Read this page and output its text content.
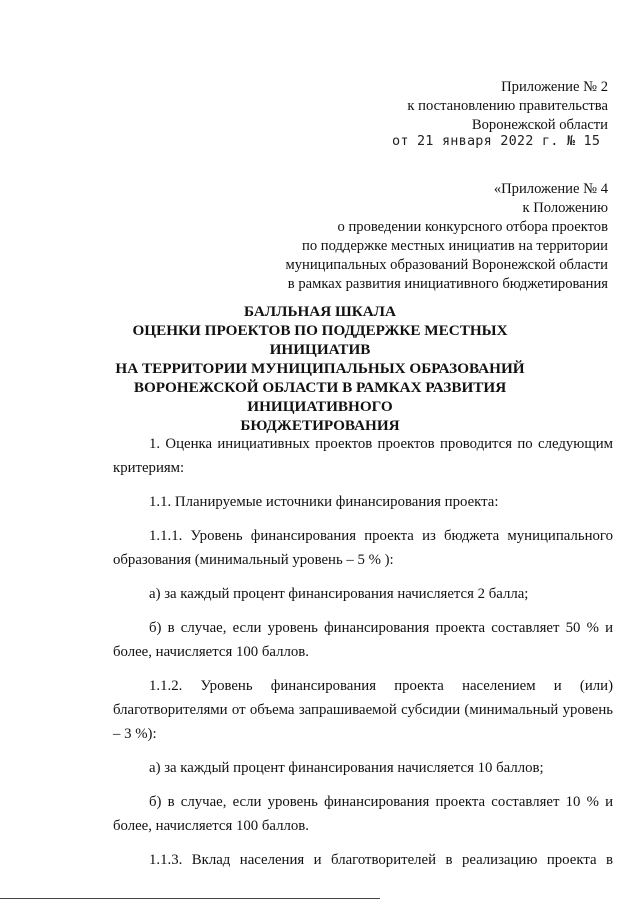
Приложение № 2
к постановлению правительства
Воронежской области
от 21 января 2022 г. № 15
«Приложение № 4
к Положению
о проведении конкурсного отбора проектов
по поддержке местных инициатив на территории
муниципальных образований Воронежской области
в рамках развития инициативного бюджетирования
БАЛЛЬНАЯ ШКАЛА
ОЦЕНКИ ПРОЕКТОВ ПО ПОДДЕРЖКЕ МЕСТНЫХ ИНИЦИАТИВ
НА ТЕРРИТОРИИ МУНИЦИПАЛЬНЫХ ОБРАЗОВАНИЙ
ВОРОНЕЖСКОЙ ОБЛАСТИ В РАМКАХ РАЗВИТИЯ
ИНИЦИАТИВНОГО
БЮДЖЕТИРОВАНИЯ

1. Оценка инициативных проектов проектов проводится по следующим критериям:

1.1. Планируемые источники финансирования проекта:

1.1.1. Уровень финансирования проекта из бюджета муниципального образования (минимальный уровень – 5 % ):

а) за каждый процент финансирования начисляется 2 балла;

б) в случае, если уровень финансирования проекта составляет 50 % и более, начисляется 100 баллов.

1.1.2. Уровень финансирования проекта населением и (или) благотворителями от объема запрашиваемой субсидии (минимальный уровень – 3 %):

а) за каждый процент финансирования начисляется 10 баллов;

б) в случае, если уровень финансирования проекта составляет 10 % и более, начисляется 100 баллов.

1.1.3. Вклад населения и благотворителей в реализацию проекта в
